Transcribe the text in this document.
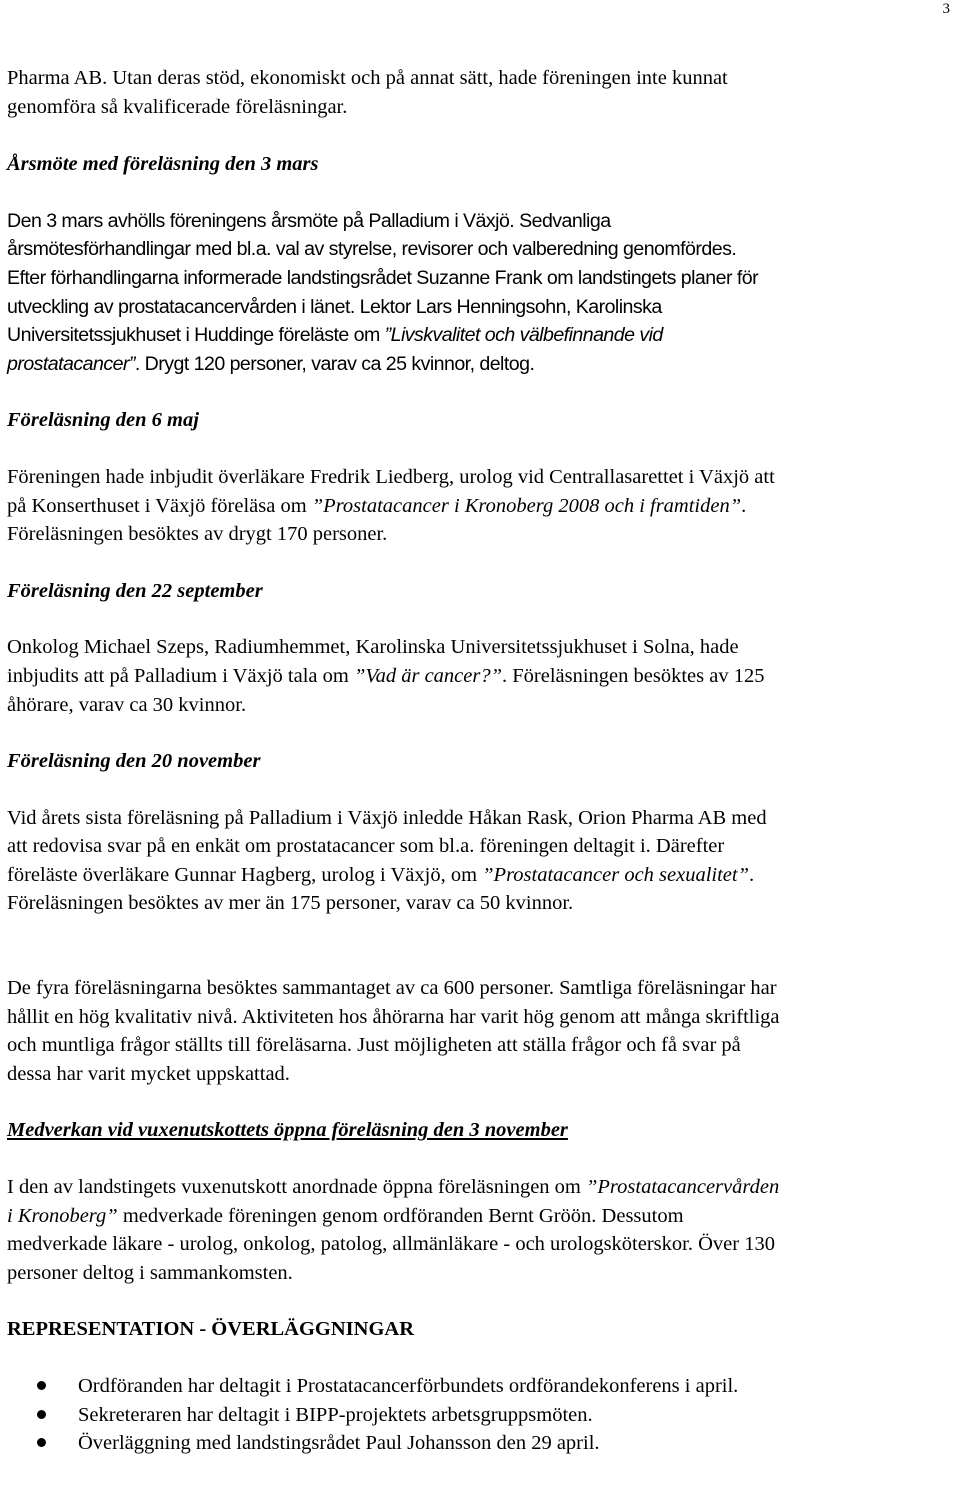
3

Pharma AB. Utan deras stöd, ekonomiskt och på annat sätt, hade föreningen inte kunnat

genomföra så kvalificerade föreläsningar.

Årsmöte med föreläsning den 3 mars

Den 3 mars avhölls föreningens årsmöte på Palladium i Växjö. Sedvanliga

årsmötesförhandlingar med bl.a. val av styrelse, revisorer och valberedning genomfördes.

Efter förhandlingarna informerade landstingsrådet Suzanne Frank om landstingets planer för

utveckling av prostatacancervården i länet. Lektor Lars Henningsohn, Karolinska

Universitetssjukhuset i Huddinge föreläste om ”Livskvalitet och välbefinnande vid

prostatacancer”. Drygt 120 personer, varav ca 25 kvinnor, deltog.

Föreläsning den 6 maj

Föreningen hade inbjudit överläkare Fredrik Liedberg, urolog vid Centrallasarettet i Växjö att

på Konserthuset i Växjö föreläsa om ”Prostatacancer i Kronoberg 2008 och i framtiden”.

Föreläsningen besöktes av drygt 170 personer.

Föreläsning den 22 september

Onkolog Michael Szeps, Radiumhemmet, Karolinska Universitetssjukhuset i Solna, hade

inbjudits att på Palladium i Växjö tala om ”Vad är cancer?”. Föreläsningen besöktes av 125

åhörare, varav ca 30 kvinnor.

Föreläsning den 20 november

Vid årets sista föreläsning på Palladium i Växjö inledde Håkan Rask, Orion Pharma AB med

att redovisa svar på en enkät om prostatacancer som bl.a. föreningen deltagit i. Därefter

föreläste överläkare Gunnar Hagberg, urolog i Växjö, om ”Prostatacancer och sexualitet”.

Föreläsningen besöktes av mer än 175 personer, varav ca 50 kvinnor.

De fyra föreläsningarna besöktes sammantaget av ca 600 personer. Samtliga föreläsningar har

hållit en hög kvalitativ nivå. Aktiviteten hos åhörarna har varit hög genom att många skriftliga

och muntliga frågor ställts till föreläsarna. Just möjligheten att ställa frågor och få svar på

dessa har varit mycket uppskattad.

Medverkan vid vuxenutskottets öppna föreläsning den 3 november

I den av landstingets vuxenutskott anordnade öppna föreläsningen om ”Prostatacancervården

i Kronoberg” medverkade föreningen genom ordföranden Bernt Gröön. Dessutom

medverkade läkare - urolog, onkolog, patolog, allmänläkare - och urologsköterskor. Över 130

personer deltog i sammankomsten.

REPRESENTATION - ÖVERLÄGGNINGAR

Ordföranden har deltagit i Prostatacancerförbundets ordförandekonferens i april.
Sekreteraren har deltagit i BIPP-projektets arbetsgruppsmöten.
Överläggning med landstingsrådet Paul Johansson den 29 april.
